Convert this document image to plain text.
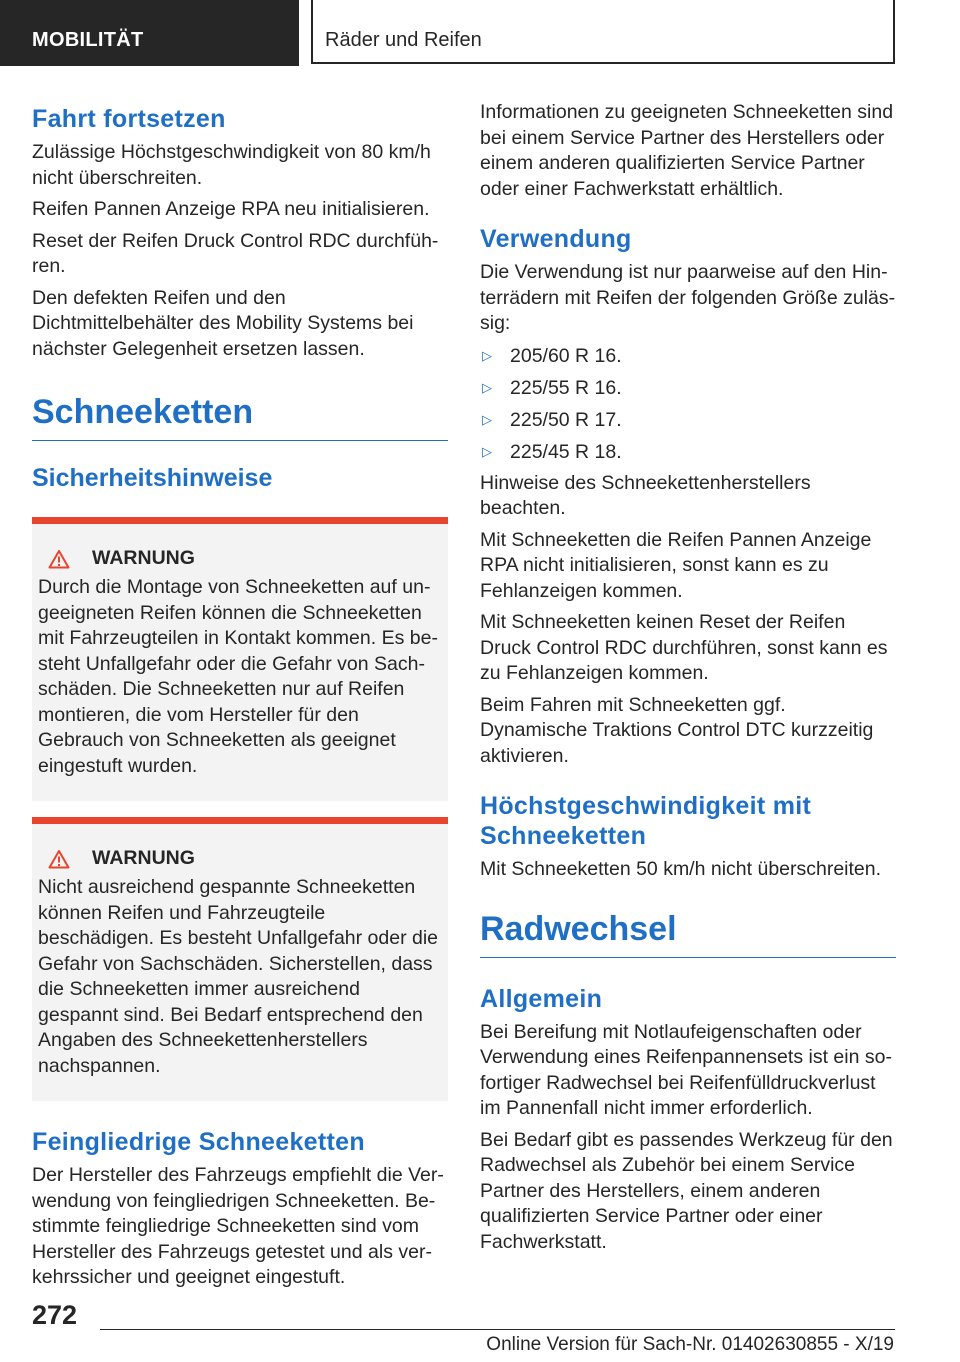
MOBILITÄT	Räder und Reifen
Fahrt fortsetzen

Zulässige Höchstgeschwindigkeit von 80 km/h nicht überschreiten.

Reifen Pannen Anzeige RPA neu initialisieren.

Reset der Reifen Druck Control RDC durchführen.

Den defekten Reifen und den Dichtmittelbehälter des Mobility Systems bei nächster Gelegenheit ersetzen lassen.

Schneeketten
Sicherheitshinweise
WARNUNG

Durch die Montage von Schneeketten auf ungeeigneten Reifen können die Schneeketten mit Fahrzeugteilen in Kontakt kommen. Es besteht Unfallgefahr oder die Gefahr von Sachschäden. Die Schneeketten nur auf Reifen montieren, die vom Hersteller für den Gebrauch von Schneeketten als geeignet eingestuft wurden.

WARNUNG

Nicht ausreichend gespannte Schneeketten können Reifen und Fahrzeugteile beschädigen. Es besteht Unfallgefahr oder die Gefahr von Sachschäden. Sicherstellen, dass die Schneeketten immer ausreichend gespannt sind. Bei Bedarf entsprechend den Angaben des Schneekettenherstellers nachspannen.

Feingliedrige Schneeketten

Der Hersteller des Fahrzeugs empfiehlt die Verwendung von feingliedrigen Schneeketten. Bestimmte feingliedrige Schneeketten sind vom Hersteller des Fahrzeugs getestet und als verkehrssicher und geeignet eingestuft.

Informationen zu geeigneten Schneeketten sind bei einem Service Partner des Herstellers oder einem anderen qualifizierten Service Partner oder einer Fachwerkstatt erhältlich.

Verwendung

Die Verwendung ist nur paarweise auf den Hinterrädern mit Reifen der folgenden Größe zulässig:

▷ 205/60 R 16.
▷ 225/55 R 16.
▷ 225/50 R 17.
▷ 225/45 R 18.

Hinweise des Schneekettenherstellers beachten.

Mit Schneeketten die Reifen Pannen Anzeige RPA nicht initialisieren, sonst kann es zu Fehlanzeigen kommen.

Mit Schneeketten keinen Reset der Reifen Druck Control RDC durchführen, sonst kann es zu Fehlanzeigen kommen.

Beim Fahren mit Schneeketten ggf. Dynamische Traktions Control DTC kurzzeitig aktivieren.

Höchstgeschwindigkeit mit Schneeketten

Mit Schneeketten 50 km/h nicht überschreiten.

Radwechsel
Allgemein

Bei Bereifung mit Notlaufeigenschaften oder Verwendung eines Reifenpannensets ist ein sofortiger Radwechsel bei Reifenfülldruckverlust im Pannenfall nicht immer erforderlich.

Bei Bedarf gibt es passendes Werkzeug für den Radwechsel als Zubehör bei einem Service Partner des Herstellers, einem anderen qualifizierten Service Partner oder einer Fachwerkstatt.

272
Online Version für Sach-Nr. 01402630855 - X/19
